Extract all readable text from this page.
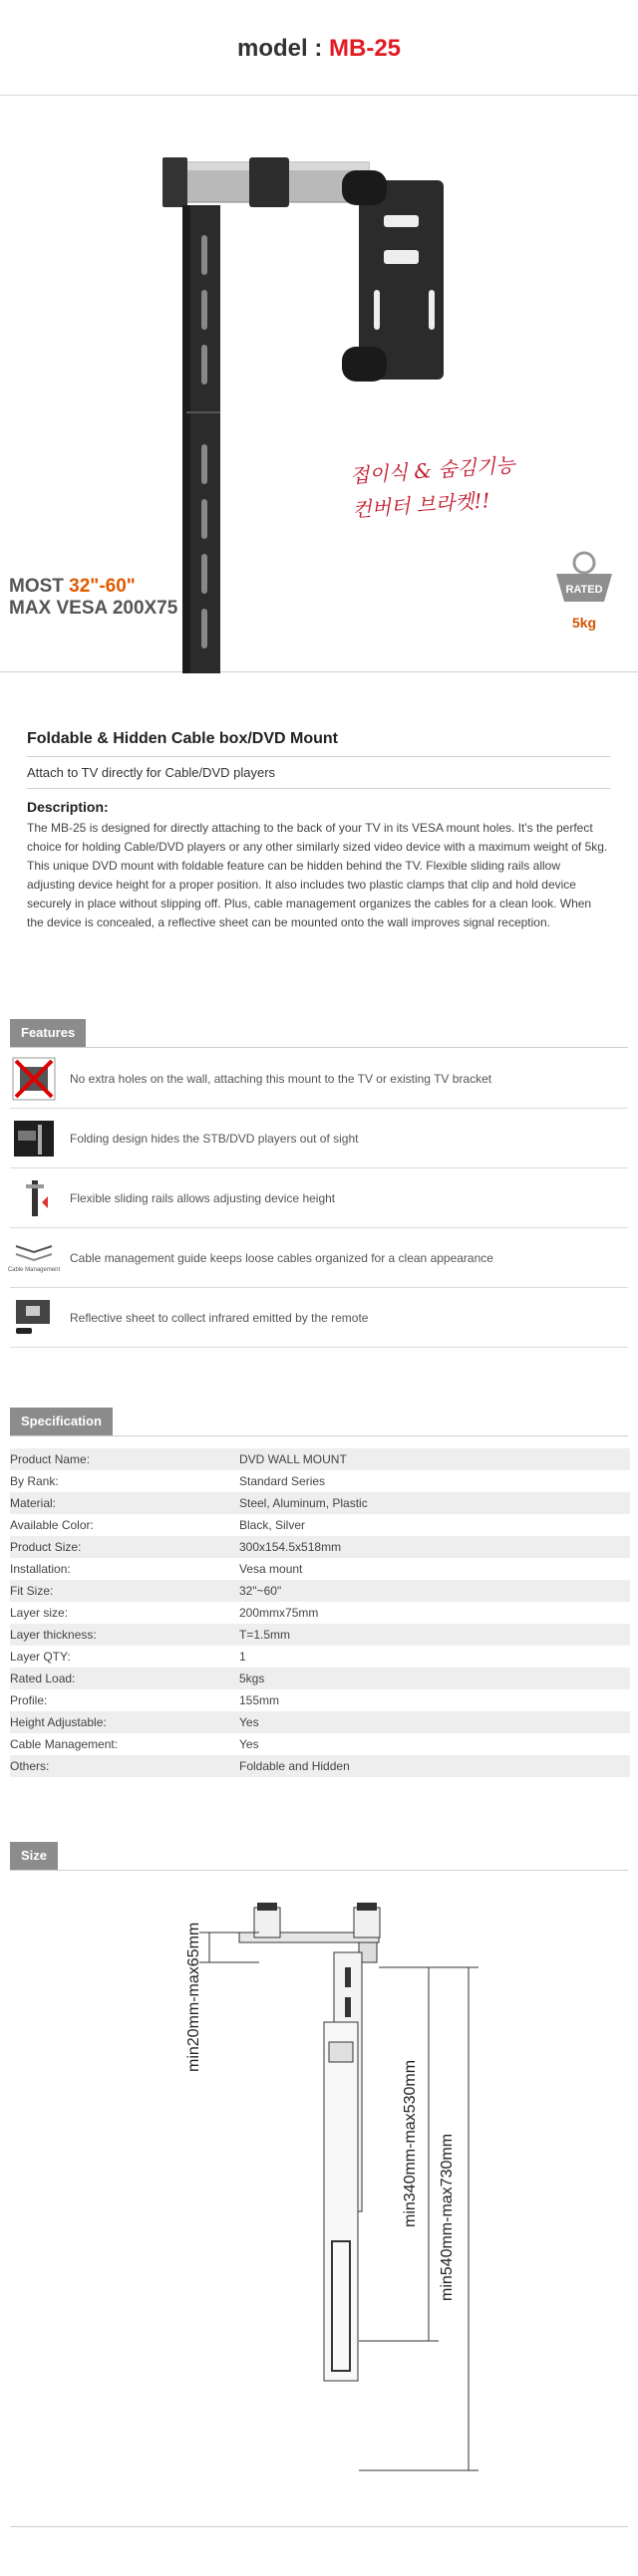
model : MB-25
MOST 32"-60"
MAX VESA 200X75
접이식 & 숨김기능
컨버터 브라켓!!
RATED
5kg
Foldable & Hidden Cable box/DVD Mount
Attach to TV directly for Cable/DVD players
Description:
The MB-25 is designed for directly attaching to the back of your TV in its VESA mount holes. It's the perfect choice for holding Cable/DVD players or any other similarly sized video device with a maximum weight of 5kg. This unique DVD mount with foldable feature can be hidden behind the TV. Flexible sliding rails allow adjusting device height for a proper position. It also includes two plastic clamps that clip and hold device securely in place without slipping off. Plus, cable management organizes the cables for a clean look. When the device is concealed, a reflective sheet can be mounted onto the wall improves signal reception.
Features
No extra holes on the wall, attaching this mount to the TV or existing TV bracket
Folding design hides the STB/DVD players out of sight
Flexible sliding rails allows adjusting device height
Cable Management
Cable management guide keeps loose cables organized for a clean appearance
Reflective sheet to collect infrared emitted by the remote
Specification
Product Name:	DVD WALL MOUNT
By Rank:	Standard Series
Material:	Steel, Aluminum, Plastic
Available Color:	Black, Silver
Product Size:	300x154.5x518mm
Installation:	Vesa mount
Fit Size:	32"~60"
Layer size:	200mmx75mm
Layer thickness:	T=1.5mm
Layer QTY:	1
Rated Load:	5kgs
Profile:	155mm
Height Adjustable:	Yes
Cable Management:	Yes
Others:	Foldable and Hidden
Size
min20mm-max65mm
min340mm-max530mm min540mm-max730mm
